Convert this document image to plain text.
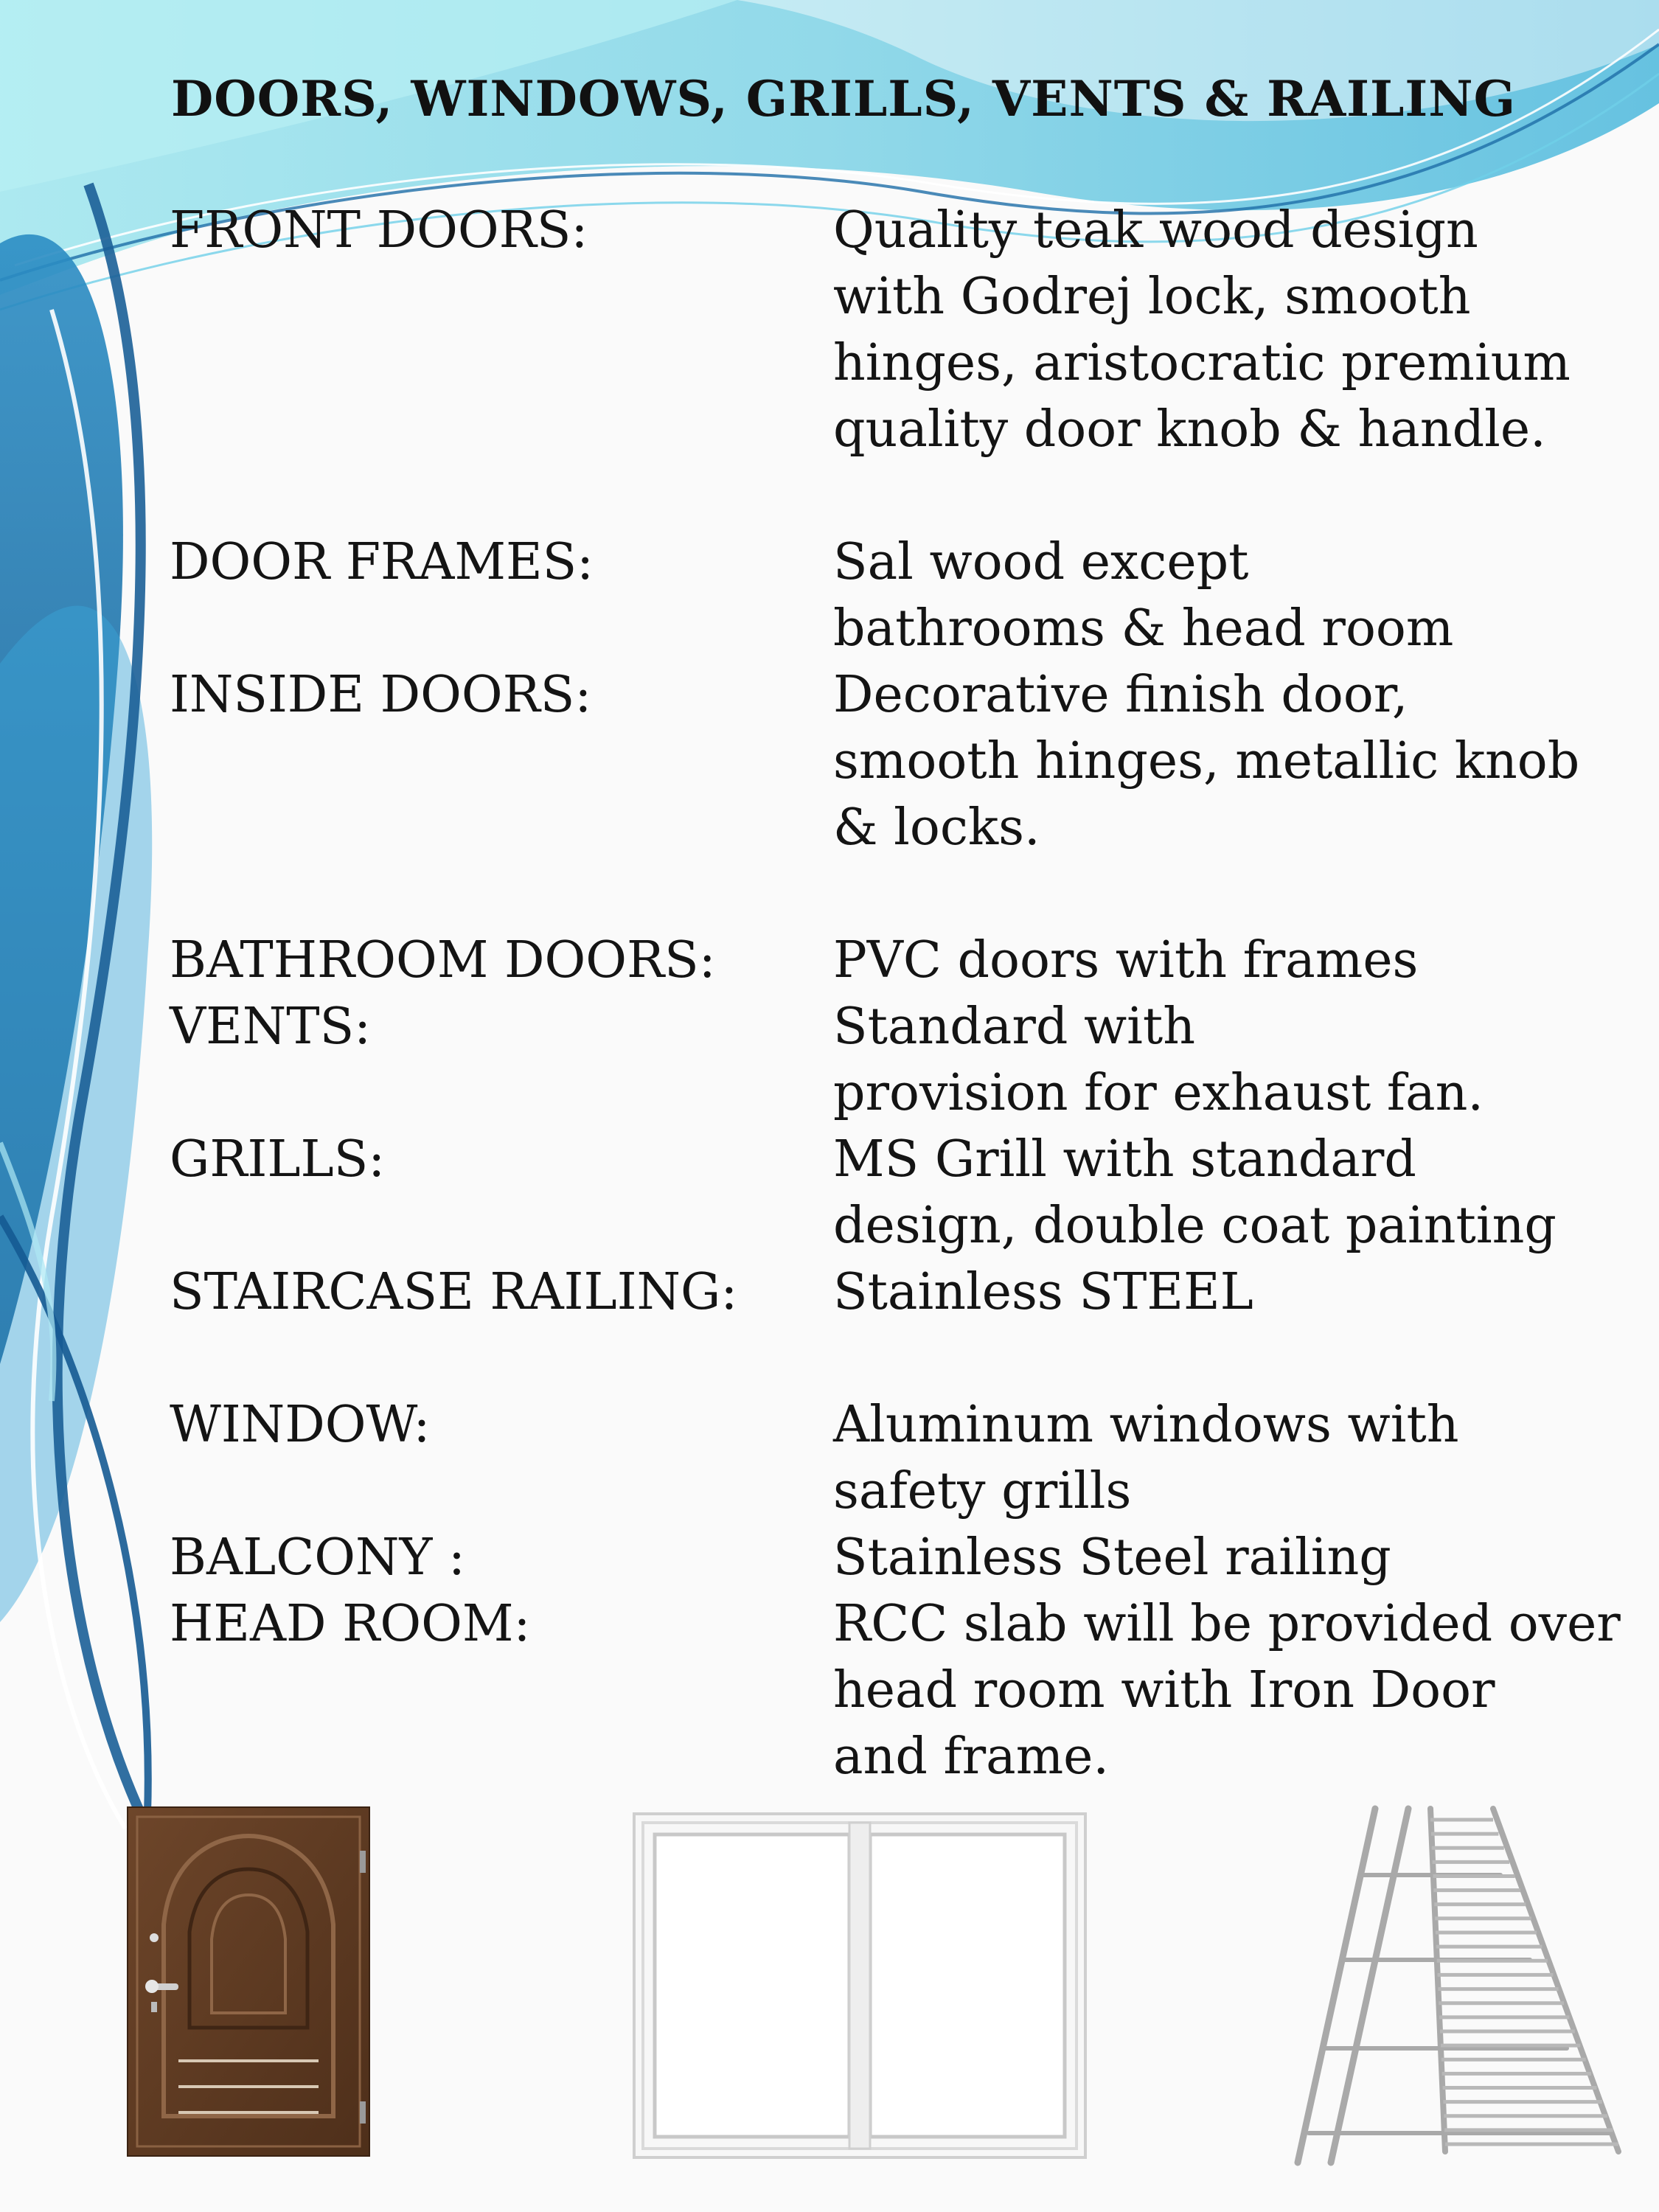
DOORS, WINDOWS, GRILLS, VENTS & RAILING
FRONT DOORS:	Quality teak wood design
with Godrej lock, smooth
hinges, aristocratic premium
quality door knob & handle.
DOOR FRAMES:	Sal wood except
bathrooms & head room
INSIDE DOORS:	Decorative finish door,
smooth hinges, metallic knob
& locks.
BATHROOM DOORS: PVC doors with frames
VENTS:	Standard with
provision for exhaust fan.
GRILLS:	MS Grill with standard
design, double coat painting
STAIRCASE RAILING: Stainless STEEL
WINDOW:	Aluminum windows with
safety grills
BALCONY :	Stainless Steel railing
HEAD ROOM:	RCC slab will be provided over
head room with Iron Door
and frame.
